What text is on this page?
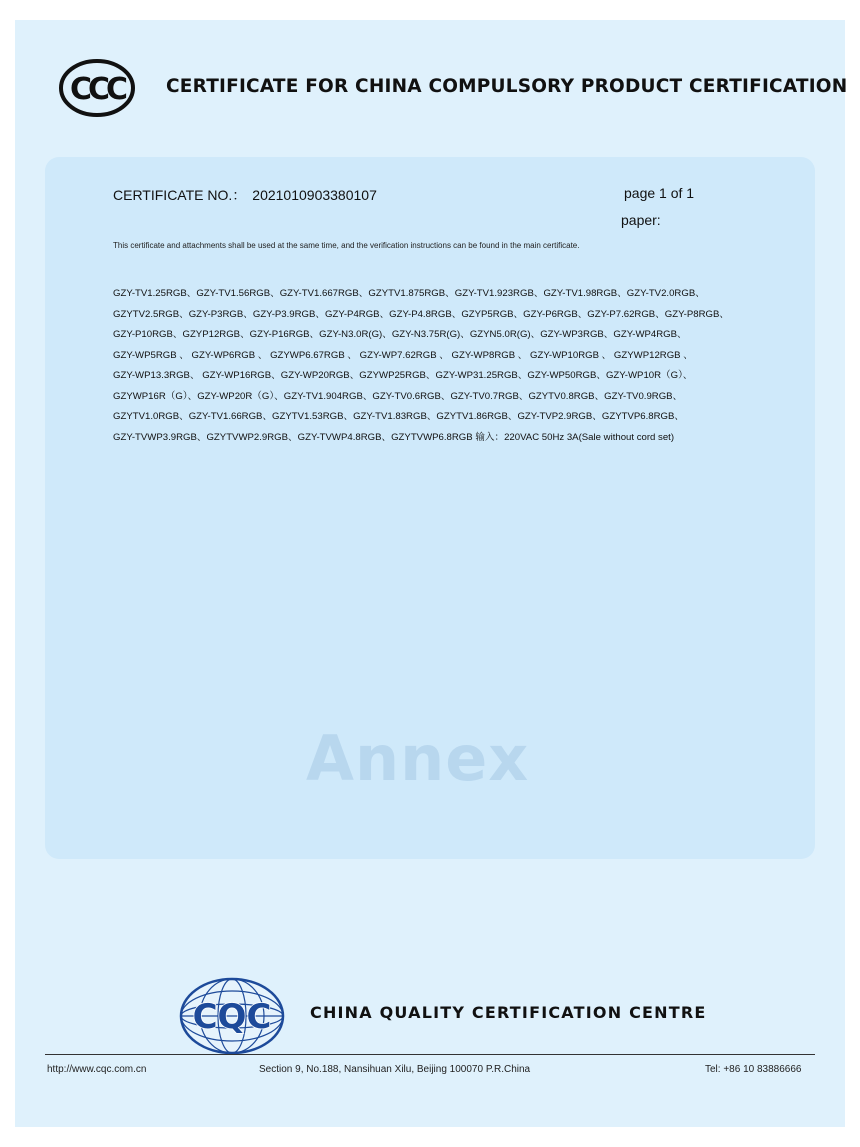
CCC CERTIFICATE FOR CHINA COMPULSORY PRODUCT CERTIFICATION
CERTIFICATE NO.： 2021010903380107	page 1 of 1
paper:
This certificate and attachments shall be used at the same time, and the verification instructions can be found in the main certificate.
GZY-TV1.25RGB、GZY-TV1.56RGB、GZY-TV1.667RGB、GZYTV1.875RGB、GZY-TV1.923RGB、GZY-TV1.98RGB、GZY-TV2.0RGB、
GZYTV2.5RGB、GZY-P3RGB、GZY-P3.9RGB、GZY-P4RGB、GZY-P4.8RGB、GZYP5RGB、GZY-P6RGB、GZY-P7.62RGB、GZY-P8RGB、
GZY-P10RGB、GZYP12RGB、GZY-P16RGB、GZY-N3.0R(G)、GZY-N3.75R(G)、GZYN5.0R(G)、GZY-WP3RGB、GZY-WP4RGB、
GZY-WP5RGB 、 GZY-WP6RGB 、 GZYWP6.67RGB 、 GZY-WP7.62RGB 、 GZY-WP8RGB 、 GZY-WP10RGB 、 GZYWP12RGB 、
GZY-WP13.3RGB、 GZY-WP16RGB、GZY-WP20RGB、GZYWP25RGB、GZY-WP31.25RGB、GZY-WP50RGB、GZY-WP10R（G）、
GZYWP16R（G）、GZY-WP20R（G）、GZY-TV1.904RGB、GZY-TV0.6RGB、GZY-TV0.7RGB、GZYTV0.8RGB、GZY-TV0.9RGB、
GZYTV1.0RGB、GZY-TV1.66RGB、GZYTV1.53RGB、GZY-TV1.83RGB、GZYTV1.86RGB、GZY-TVP2.9RGB、GZYTVP6.8RGB、
GZY-TVWP3.9RGB、GZYTVWP2.9RGB、GZY-TVWP4.8RGB、GZYTVWP6.8RGB 输入：220VAC 50Hz 3A(Sale without cord set)
Annex
CQC CHINA QUALITY CERTIFICATION CENTRE
http://www.cqc.com.cn	Section 9, No.188, Nansihuan Xilu, Beijing 100070 P.R.China	Tel: +86 10 83886666
